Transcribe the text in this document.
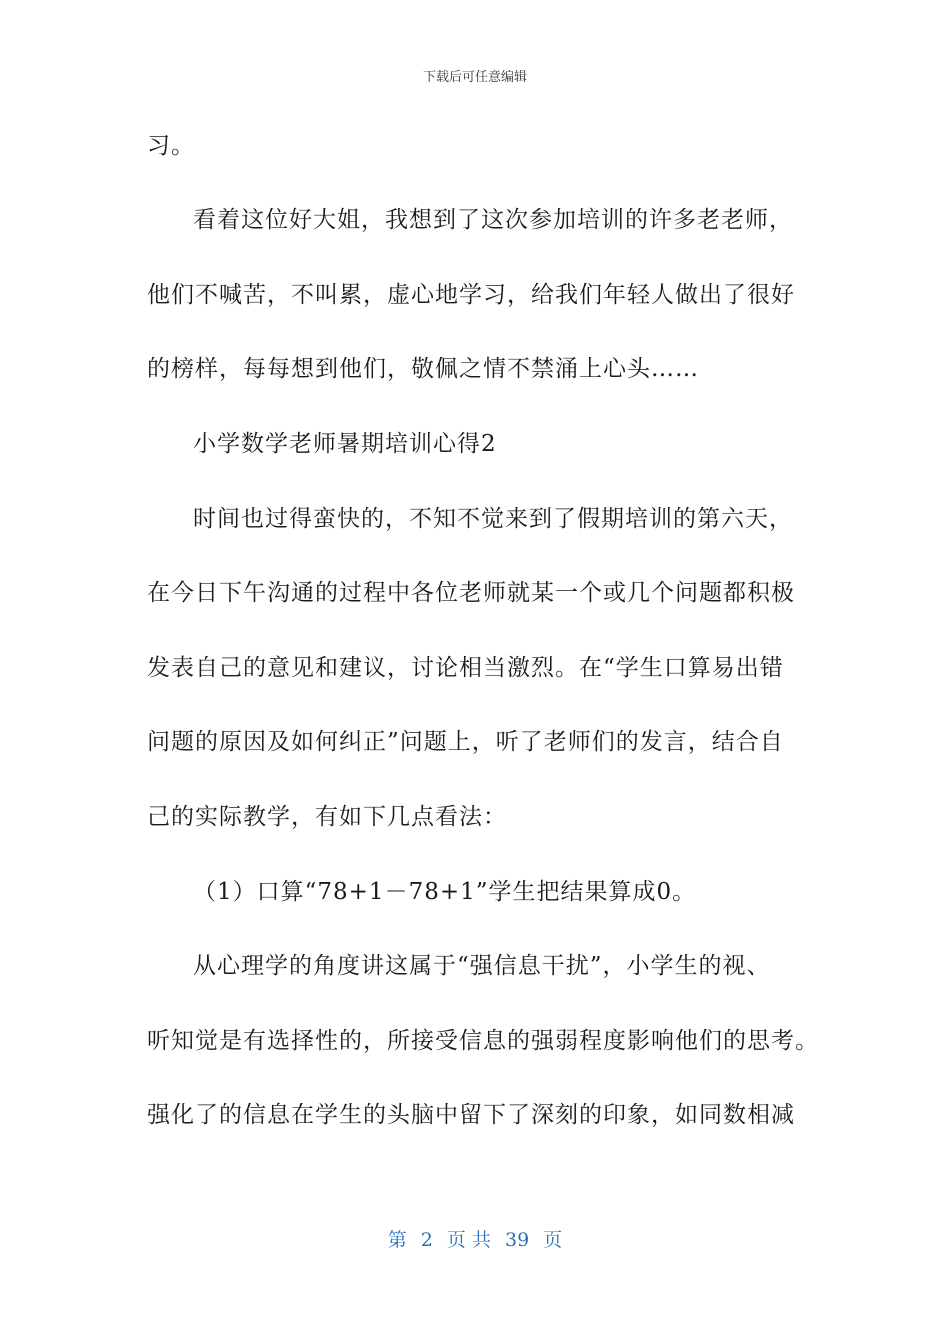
下载后可任意编辑
习。
看着这位好大姐，我想到了这次参加培训的许多老老师，
他们不喊苦，不叫累，虚心地学习，给我们年轻人做出了很好
的榜样，每每想到他们，敬佩之情不禁涌上心头……
小学数学老师暑期培训心得2
时间也过得蛮快的，不知不觉来到了假期培训的第六天，
在今日下午沟通的过程中各位老师就某一个或几个问题都积极
发表自己的意见和建议，讨论相当激烈。在“学生口算易出错
问题的原因及如何纠正”问题上，听了老师们的发言，结合自
己的实际教学，有如下几点看法：
（1）口算“78+1－78+1”学生把结果算成0。
从心理学的角度讲这属于“强信息干扰”，小学生的视、
听知觉是有选择性的，所接受信息的强弱程度影响他们的思考。
强化了的信息在学生的头脑中留下了深刻的印象，如同数相减
第 2 页 共 39 页
